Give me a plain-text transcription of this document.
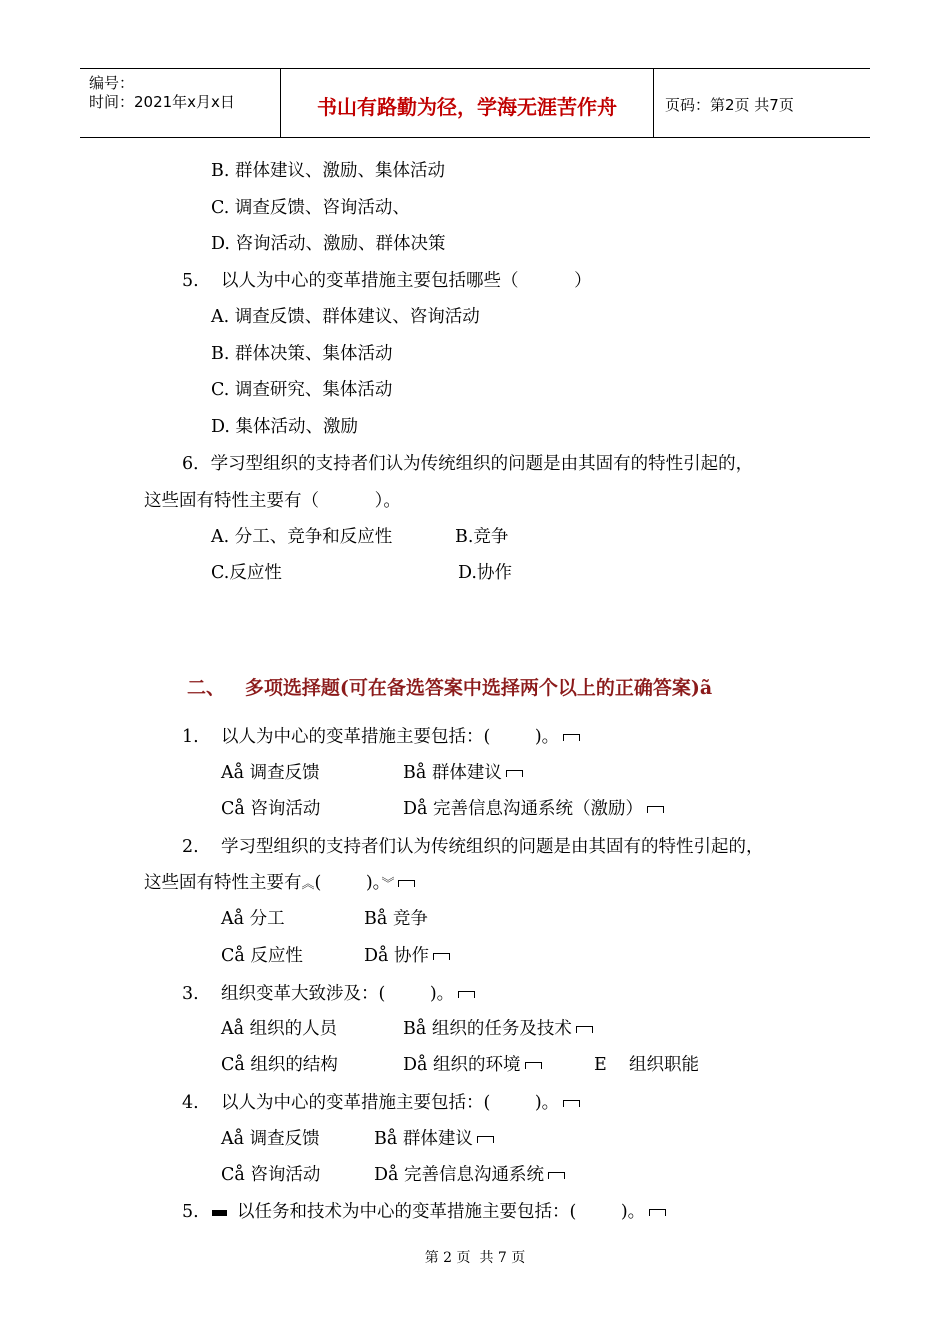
编号：
时间：2021年x月x日	书山有路勤为径，学海无涯苦作舟	页码：第2页 共7页
B. 群体建议、激励、集体活动
C. 调查反馈、咨询活动、
D. 咨询活动、激励、群体决策
5. 以人为中心的变革措施主要包括哪些（          ）
A. 调查反馈、群体建议、咨询活动
B. 群体决策、集体活动
C. 调查研究、集体活动
D. 集体活动、激励
6．学习型组织的支持者们认为传统组织的问题是由其固有的特性引起的，
这些固有特性主要有（          ）。
A. 分工、竞争和反应性	B.竞争
C.反应性	D.协作
二、   多项选择题(可在备选答案中选择两个以上的正确答案)ã
1. 以人为中心的变革措施主要包括：(        )。
Aå 调查反馈	Bå 群体建议
Cå 咨询活动	Då 完善信息沟通系统（激励）
2. 学习型组织的支持者们认为传统组织的问题是由其固有的特性引起的，
这些固有特性主要有︽(        )。︾
Aå 分工	Bå 竞争
Cå 反应性	Då 协作
3. 组织变革大致涉及：(        )。
Aå 组织的人员	Bå 组织的任务及技术
Cå 组织的结构	Då 组织的环境	E    组织职能
4. 以人为中心的变革措施主要包括：(        )。
Aå 调查反馈	Bå 群体建议
Cå 咨询活动	Då 完善信息沟通系统
5.	以任务和技术为中心的变革措施主要包括：(        )。
第 2 页  共 7 页
